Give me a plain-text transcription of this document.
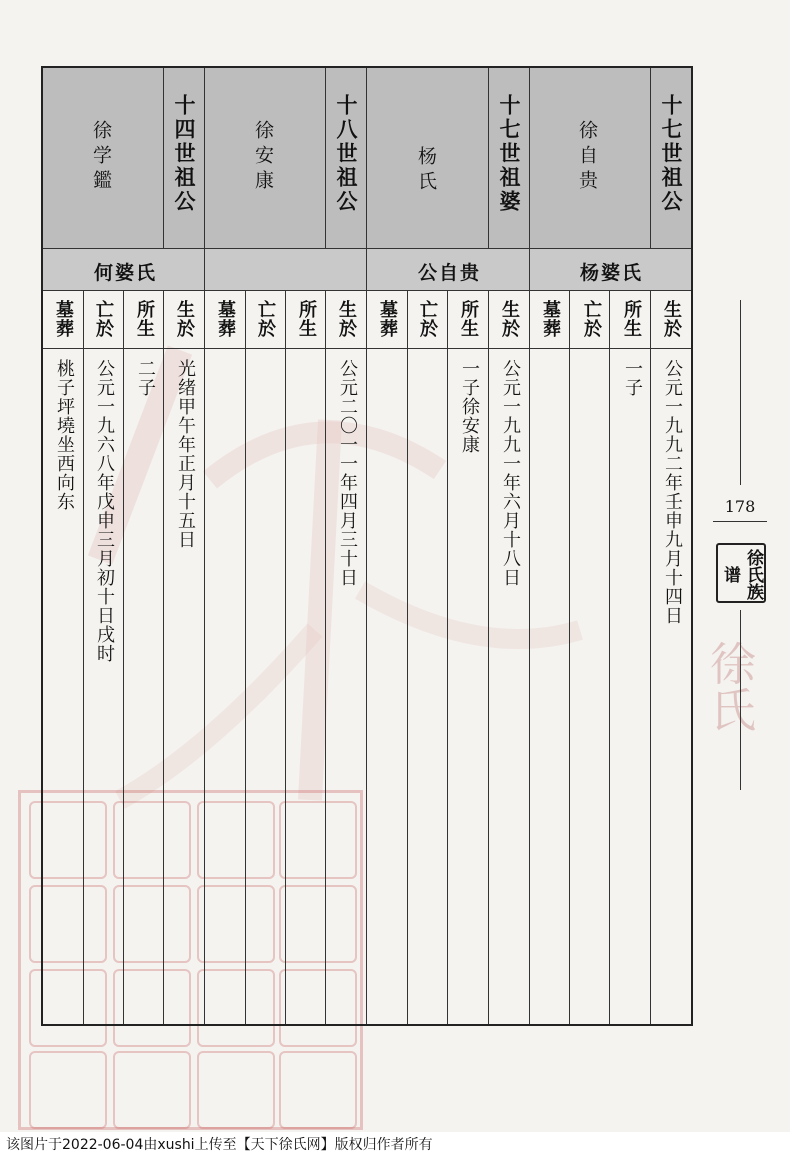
徐氏
十七世祖公
徐自贵
杨婆氏
生於
公元一九九二年壬申九月十四日
所生
一子
亡於
墓葬
十七世祖婆
杨氏
公自贵
生於
公元一九九一年六月十八日
所生
一子徐安康
亡於
墓葬
十八世祖公
徐安康
生於
公元二〇一一年四月三十日
所生
亡於
墓葬
十四世祖公
徐学鑑
何婆氏
生於
光绪甲午年正月十五日
所生
二子
亡於
公元一九六八年戊申三月初十日戌时
墓葬
桃子坪墝坐西向东	178
徐氏族谱
该图片于2022-06-04由xushi上传至【天下徐氏网】版权归作者所有
